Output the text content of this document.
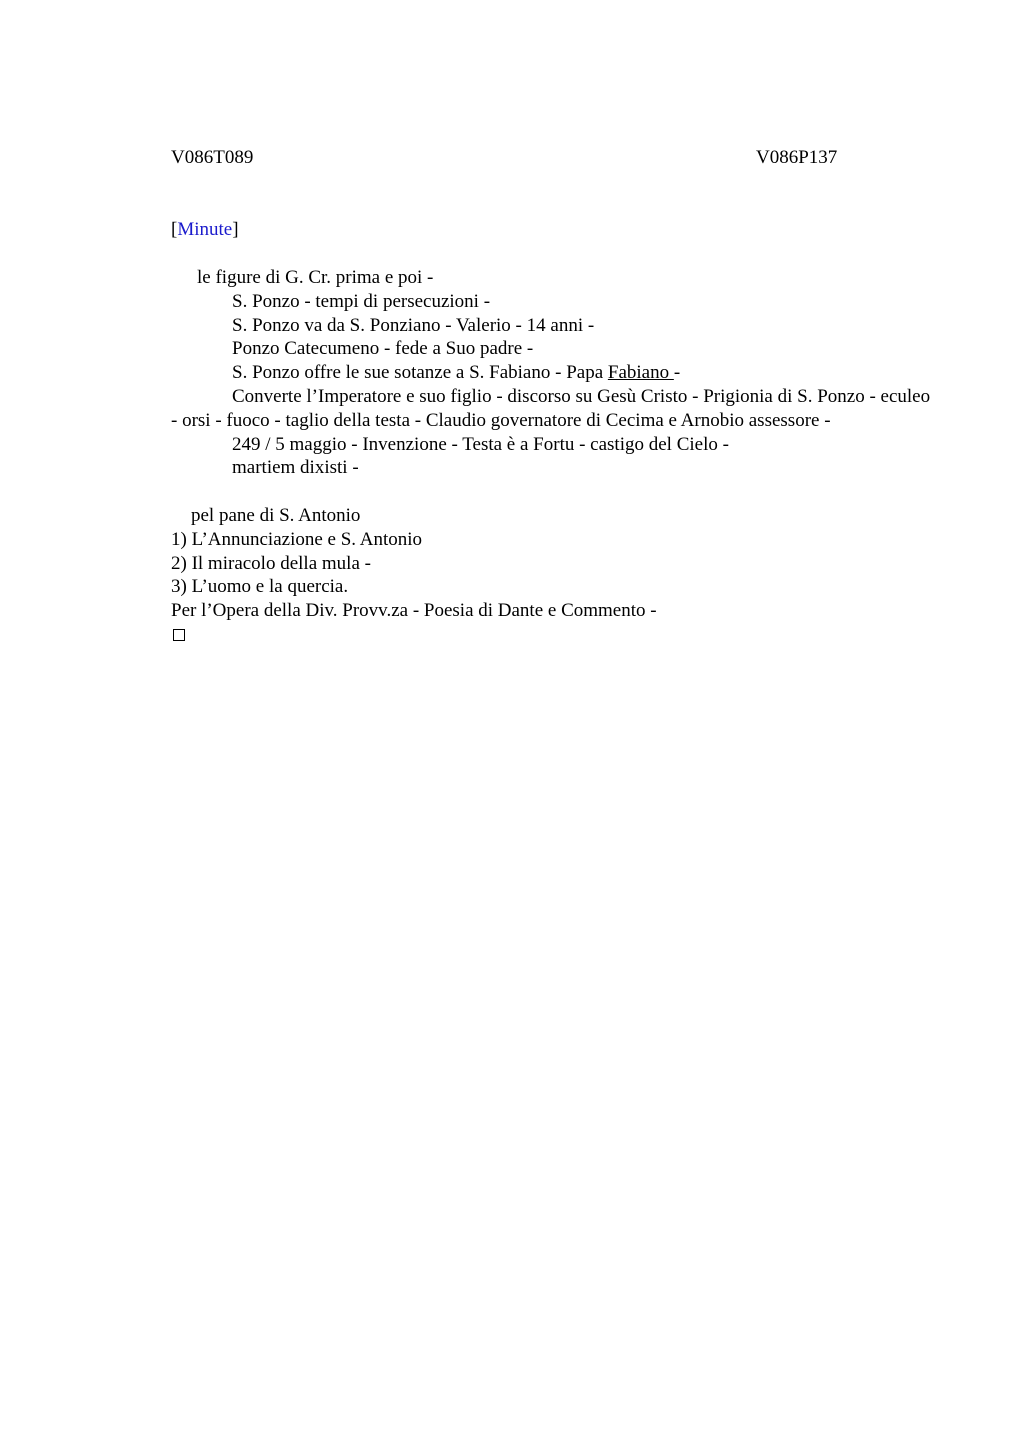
V086T089	V086P137
[Minute]
le figure di G. Cr. prima e poi -
S. Ponzo - tempi di persecuzioni -
S. Ponzo va da S. Ponziano - Valerio - 14 anni -
Ponzo Catecumeno - fede a Suo padre -
S. Ponzo offre le sue sotanze a S. Fabiano - Papa Fabiano -
Converte l’Imperatore e suo figlio - discorso su Gesù Cristo - Prigionia di S. Ponzo - eculeo - orsi - fuoco - taglio della testa - Claudio governatore di Cecima e Arnobio assessore -
249 / 5 maggio - Invenzione - Testa è a Fortu - castigo del Cielo -
martiem dixisti -
pel pane di S. Antonio
1) L’Annunciazione e S. Antonio
2) Il miracolo della mula -
3) L’uomo e la quercia.
Per l’Opera della Div. Provv.za - Poesia di Dante e Commento -
